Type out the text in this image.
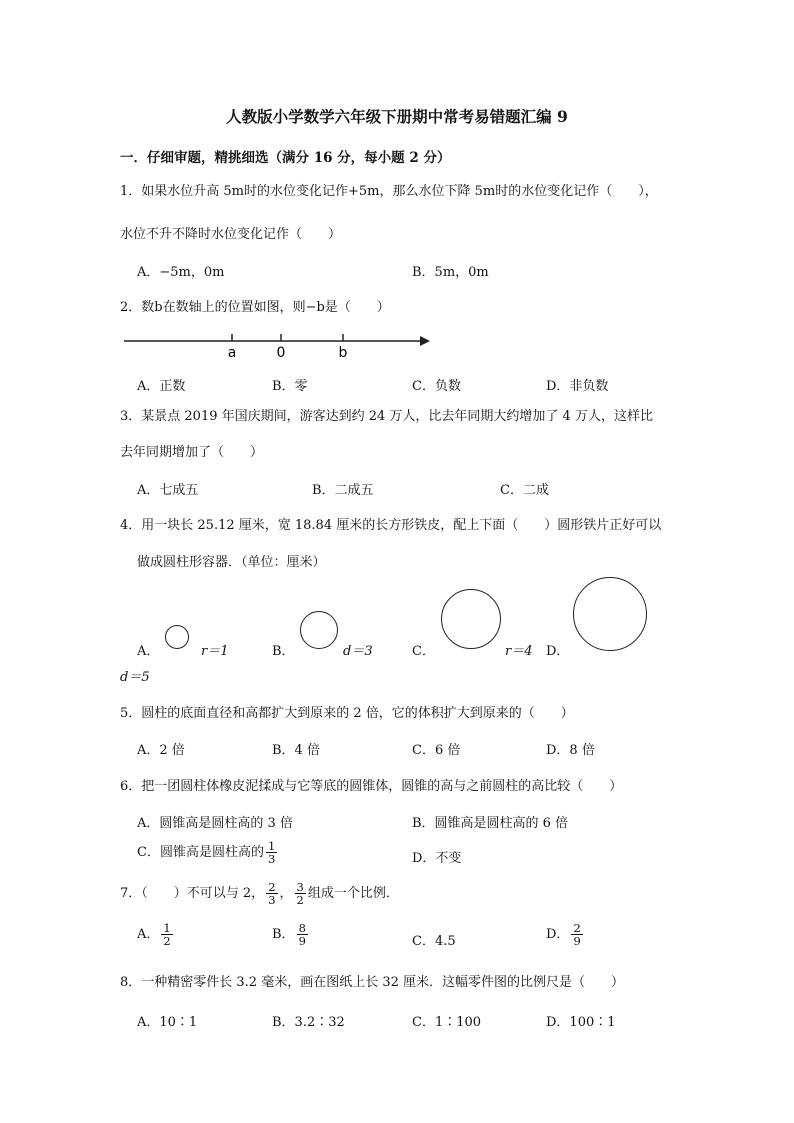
人教版小学数学六年级下册期中常考易错题汇编 9
一．仔细审题，精挑细选（满分 16 分，每小题 2 分）
1．如果水位升高 5m时的水位变化记作+5m，那么水位下降 5m时的水位变化记作（　　），
水位不升不降时水位变化记作（　　）
A．−5m，0m	B．5m，0m
2．数b在数轴上的位置如图，则−b是（　　）
a	0	b
A．正数	B．零	C．负数	D．非负数
3．某景点 2019 年国庆期间，游客达到约 24 万人，比去年同期大约增加了 4 万人，这样比
去年同期增加了（　　）
A．七成五	B．二成五	C．二成
4．用一块长 25.12 厘米，宽 18.84 厘米的长方形铁皮，配上下面（　　）圆形铁片正好可以
做成圆柱形容器．（单位：厘米）
A．	r＝1	B．	d＝3	C．	r＝4 D．
d＝5
5．圆柱的底面直径和高都扩大到原来的 2 倍，它的体积扩大到原来的（　　）
A．2 倍	B．4 倍	C．6 倍	D．8 倍
6．把一团圆柱体橡皮泥揉成与它等底的圆锥体，圆锥的高与之前圆柱的高比较（　　）
A．圆锥高是圆柱高的 3 倍	B．圆锥高是圆柱高的 6 倍
C．圆锥高是圆柱高的 $\frac{1}{3}$	D．不变
7．（　　）不可以与 2， $\frac{2}{3}$ ， $\frac{3}{2}$ 组成一个比例．
A． $\frac{1}{2}$	B． $\frac{8}{9}$	C．4.5	D． $\frac{2}{9}$
8．一种精密零件长 3.2 毫米，画在图纸上长 32 厘米．这幅零件图的比例尺是（　　）
A．10∶1	B．3.2∶32	C．1∶100	D．100∶1
